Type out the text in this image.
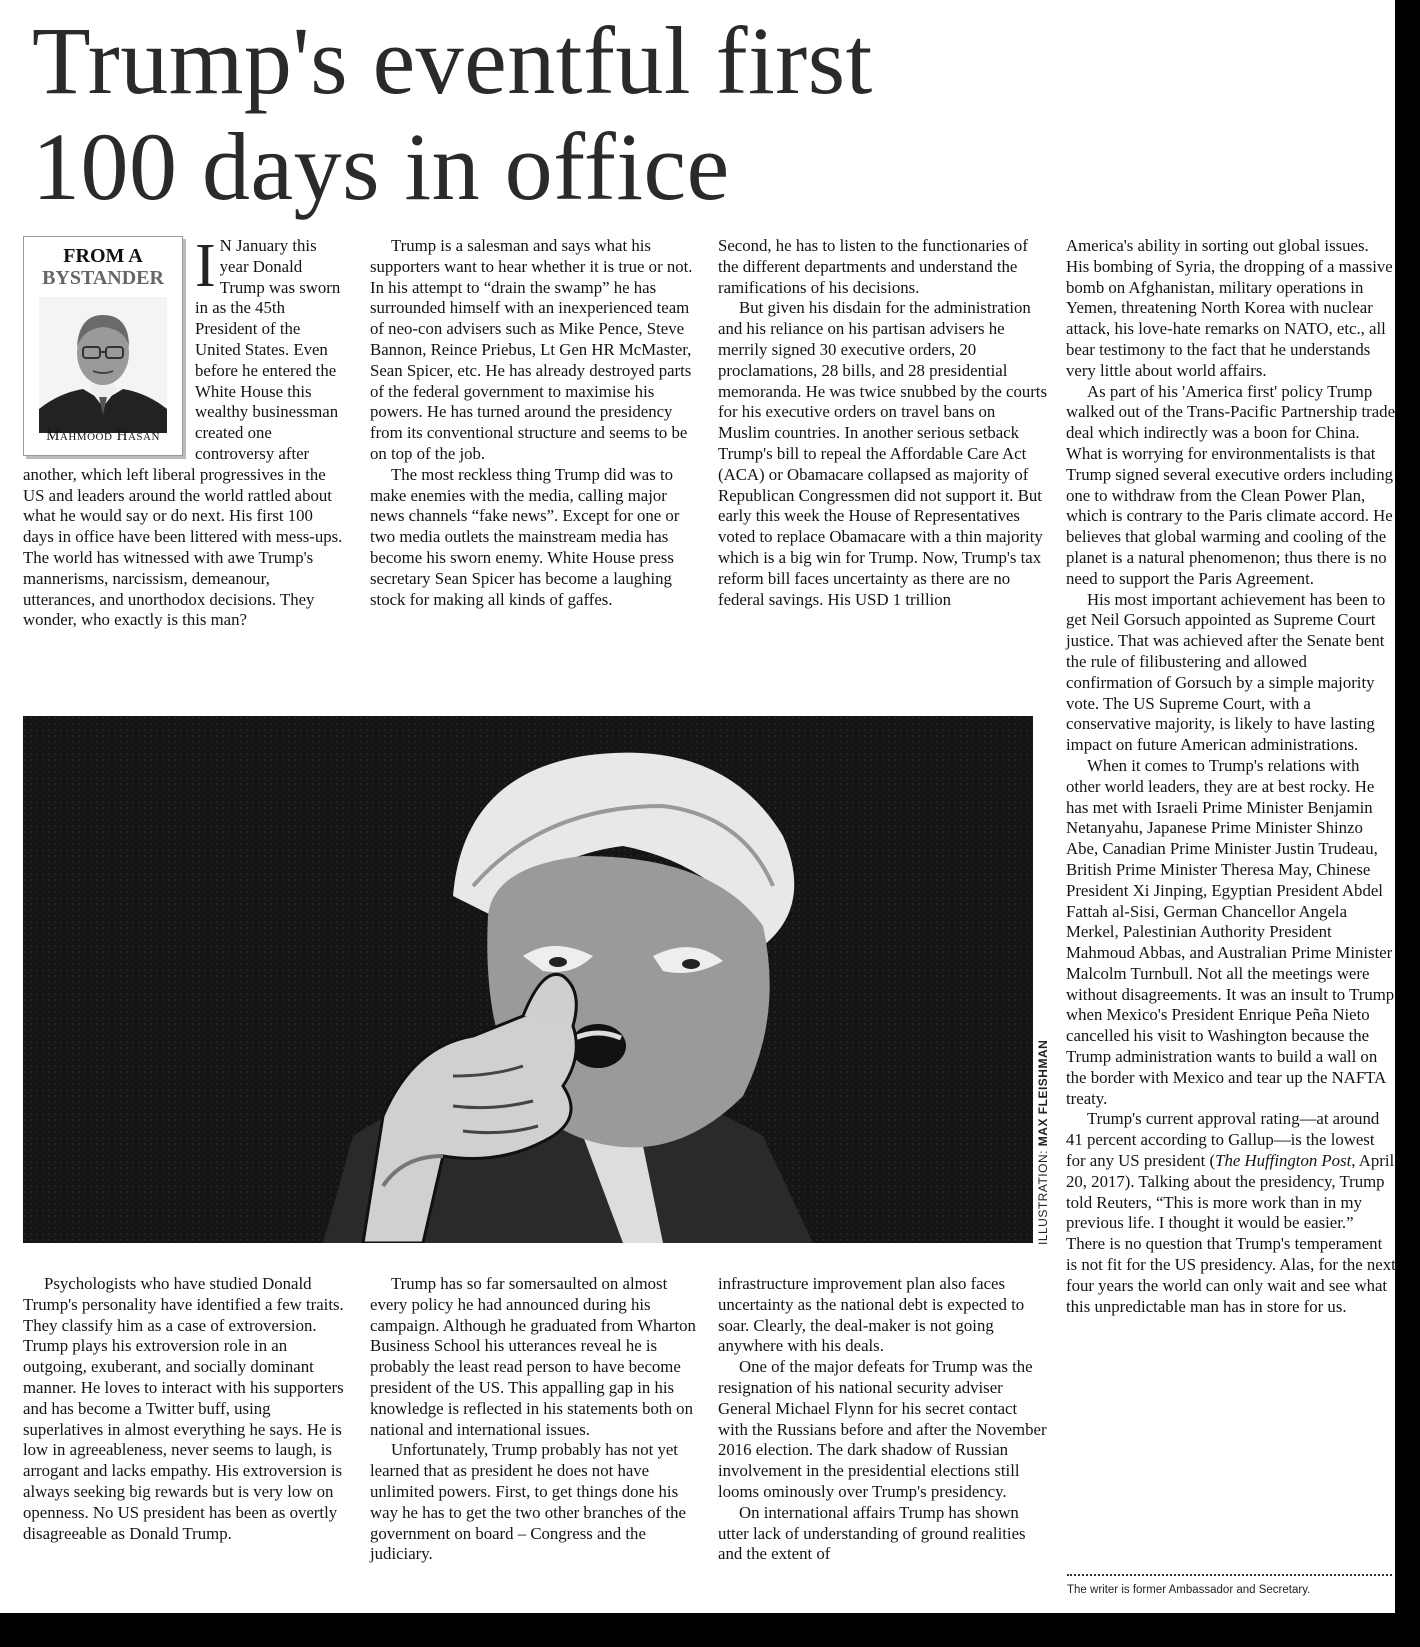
Trump's eventful first
100 days in office
FROM A
BYSTANDER
Mahmood Hasan

I N January this year Donald Trump was sworn in as the 45th President of the United States. Even before he entered the White House this wealthy businessman created one controversy after another, which left liberal progressives in the US and leaders around the world rattled about what he would say or do next. His first 100 days in office have been littered with mess-ups. The world has witnessed with awe Trump's mannerisms, narcissism, demeanour, utterances, and unorthodox decisions. They wonder, who exactly is this man?

Trump is a salesman and says what his supporters want to hear whether it is true or not. In his attempt to “drain the swamp” he has surrounded himself with an inexperienced team of neo-con advisers such as Mike Pence, Steve Bannon, Reince Priebus, Lt Gen HR McMaster, Sean Spicer, etc. He has already destroyed parts of the federal government to maximise his powers. He has turned around the presidency from its conventional structure and seems to be on top of the job.

The most reckless thing Trump did was to make enemies with the media, calling major news channels “fake news”. Except for one or two media outlets the mainstream media has become his sworn enemy. White House press secretary Sean Spicer has become a laughing stock for making all kinds of gaffes.

Second, he has to listen to the functionaries of the different departments and understand the ramifications of his decisions.

But given his disdain for the administration and his reliance on his partisan advisers he merrily signed 30 executive orders, 20 proclamations, 28 bills, and 28 presidential memoranda. He was twice snubbed by the courts for his executive orders on travel bans on Muslim countries. In another serious setback Trump's bill to repeal the Affordable Care Act (ACA) or Obamacare collapsed as majority of Republican Congressmen did not support it. But early this week the House of Representatives voted to replace Obamacare with a thin majority which is a big win for Trump. Now, Trump's tax reform bill faces uncertainty as there are no federal savings. His USD 1 trillion

America's ability in sorting out global issues. His bombing of Syria, the dropping of a massive bomb on Afghanistan, military operations in Yemen, threatening North Korea with nuclear attack, his love-hate remarks on NATO, etc., all bear testimony to the fact that he understands very little about world affairs.

As part of his 'America first' policy Trump walked out of the Trans-Pacific Partnership trade deal which indirectly was a boon for China. What is worrying for environmentalists is that Trump signed several executive orders including one to withdraw from the Clean Power Plan, which is contrary to the Paris climate accord. He believes that global warming and cooling of the planet is a natural phenomenon; thus there is no need to support the Paris Agreement.

His most important achievement has been to get Neil Gorsuch appointed as Supreme Court justice. That was achieved after the Senate bent the rule of filibustering and allowed confirmation of Gorsuch by a simple majority vote. The US Supreme Court, with a conservative majority, is likely to have lasting impact on future American administrations.

When it comes to Trump's relations with other world leaders, they are at best rocky. He has met with Israeli Prime Minister Benjamin Netanyahu, Japanese Prime Minister Shinzo Abe, Canadian Prime Minister Justin Trudeau, British Prime Minister Theresa May, Chinese President Xi Jinping, Egyptian President Abdel Fattah al-Sisi, German Chancellor Angela Merkel, Palestinian Authority President Mahmoud Abbas, and Australian Prime Minister Malcolm Turnbull. Not all the meetings were without disagreements. It was an insult to Trump when Mexico's President Enrique Peña Nieto cancelled his visit to Washington because the Trump administration wants to build a wall on the border with Mexico and tear up the NAFTA treaty.

Trump's current approval rating—at around 41 percent according to Gallup—is the lowest for any US president (The Huffington Post, April 20, 2017). Talking about the presidency, Trump told Reuters, “This is more work than in my previous life. I thought it would be easier.” There is no question that Trump's temperament is not fit for the US presidency. Alas, for the next four years the world can only wait and see what this unpredictable man has in store for us.

ILLUSTRATION: MAX FLEISHMAN

Psychologists who have studied Donald Trump's personality have identified a few traits. They classify him as a case of extroversion. Trump plays his extroversion role in an outgoing, exuberant, and socially dominant manner. He loves to interact with his supporters and has become a Twitter buff, using superlatives in almost everything he says. He is low in agreeableness, never seems to laugh, is arrogant and lacks empathy. His extroversion is always seeking big rewards but is very low on openness. No US president has been as overtly disagreeable as Donald Trump.

Trump has so far somersaulted on almost every policy he had announced during his campaign. Although he graduated from Wharton Business School his utterances reveal he is probably the least read person to have become president of the US. This appalling gap in his knowledge is reflected in his statements both on national and international issues.

Unfortunately, Trump probably has not yet learned that as president he does not have unlimited powers. First, to get things done his way he has to get the two other branches of the government on board – Congress and the judiciary.

infrastructure improvement plan also faces uncertainty as the national debt is expected to soar. Clearly, the deal-maker is not going anywhere with his deals.

One of the major defeats for Trump was the resignation of his national security adviser General Michael Flynn for his secret contact with the Russians before and after the November 2016 election. The dark shadow of Russian involvement in the presidential elections still looms ominously over Trump's presidency.

On international affairs Trump has shown utter lack of understanding of ground realities and the extent of

The writer is former Ambassador and Secretary.
